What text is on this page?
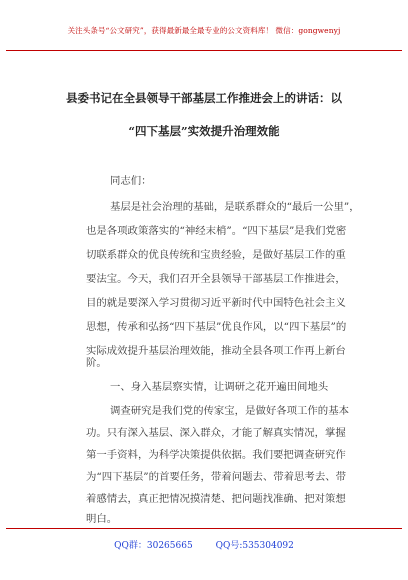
关注头条号“公文研究”，获得最新最全最专业的公文资料库！ 微信：gongwenyj
县委书记在全县领导干部基层工作推进会上的讲话：以
“四下基层”实效提升治理效能
同志们：
基层是社会治理的基础，是联系群众的“最后一公里”，
也是各项政策落实的“神经末梢”。“四下基层”是我们党密
切联系群众的优良传统和宝贵经验，是做好基层工作的重
要法宝。今天，我们召开全县领导干部基层工作推进会，
目的就是要深入学习贯彻习近平新时代中国特色社会主义
思想，传承和弘扬“四下基层”优良作风，以“四下基层”的
实际成效提升基层治理效能，推动全县各项工作再上新台
阶。
一、身入基层察实情，让调研之花开遍田间地头
调查研究是我们党的传家宝，是做好各项工作的基本
功。只有深入基层、深入群众，才能了解真实情况，掌握
第一手资料，为科学决策提供依据。我们要把调查研究作
为“四下基层”的首要任务，带着问题去、带着思考去、带
着感情去，真正把情况摸清楚、把问题找准确、把对策想
QQ群：30265665	QQ号:535304092
明白。
